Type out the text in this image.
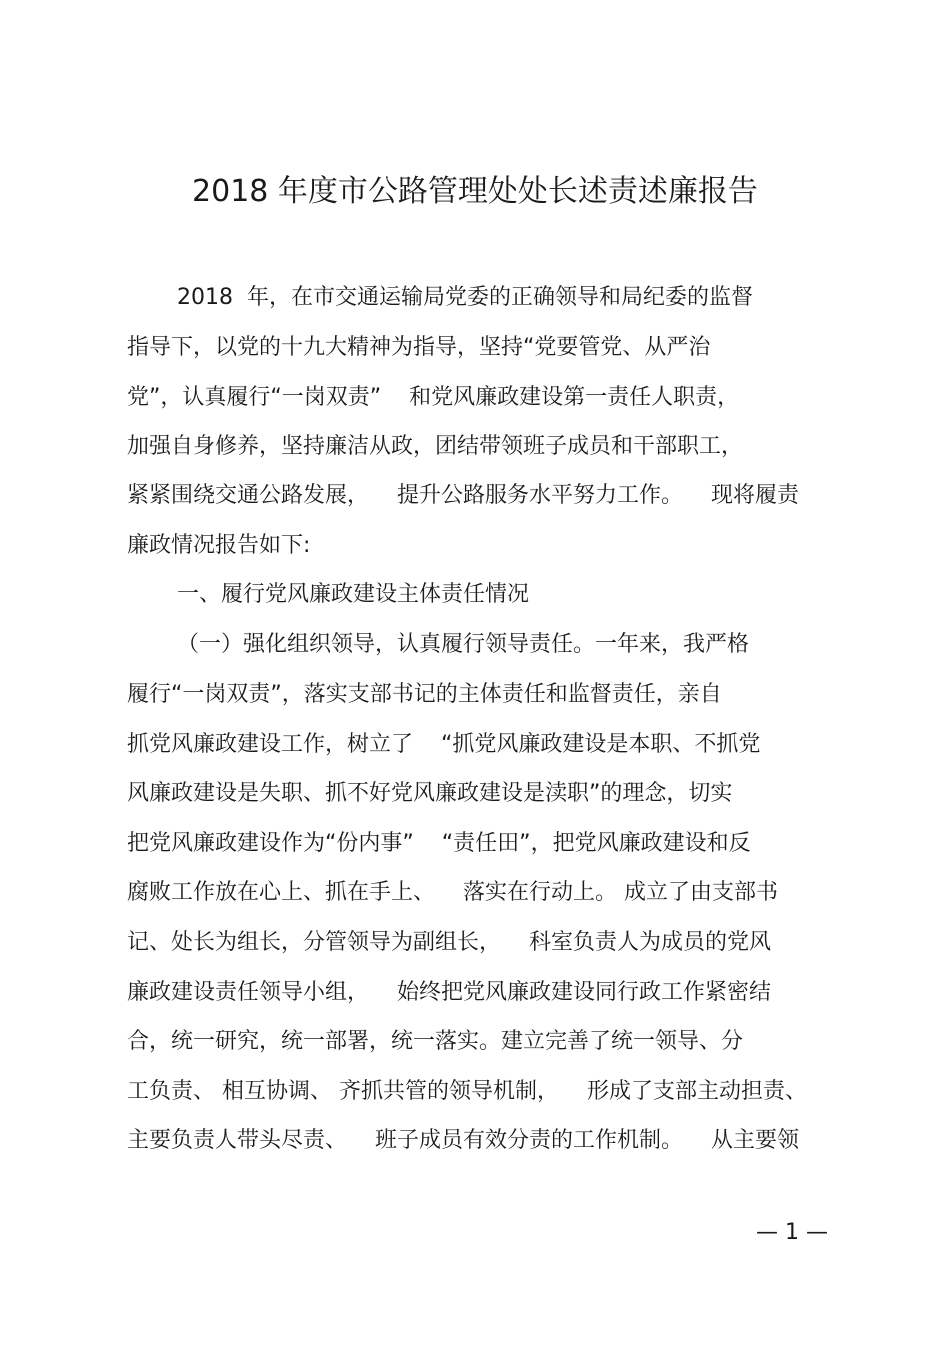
2018 年度市公路管理处处长述责述廉报告
2018  年，在市交通运输局党委的正确领导和局纪委的监督
指导下，以党的十九大精神为指导，坚持“党要管党、从严治
党”，认真履行“一岗双责”    和党风廉政建设第一责任人职责，
加强自身修养，坚持廉洁从政，团结带领班子成员和干部职工，
紧紧围绕交通公路发展，    提升公路服务水平努力工作。    现将履责
廉政情况报告如下:
一、履行党风廉政建设主体责任情况
（一）强化组织领导，认真履行领导责任。一年来，我严格
履行“一岗双责”，落实支部书记的主体责任和监督责任，亲自
抓党风廉政建设工作，树立了    “抓党风廉政建设是本职、不抓党
风廉政建设是失职、抓不好党风廉政建设是渎职”的理念，切实
把党风廉政建设作为“份内事”    “责任田”，把党风廉政建设和反
腐败工作放在心上、抓在手上、    落实在行动上。 成立了由支部书
记、处长为组长，分管领导为副组长，    科室负责人为成员的党风
廉政建设责任领导小组，    始终把党风廉政建设同行政工作紧密结
合，统一研究，统一部署，统一落实。建立完善了统一领导、分
工负责、 相互协调、 齐抓共管的领导机制，    形成了支部主动担责、
主要负责人带头尽责、    班子成员有效分责的工作机制。    从主要领
— 1 —
